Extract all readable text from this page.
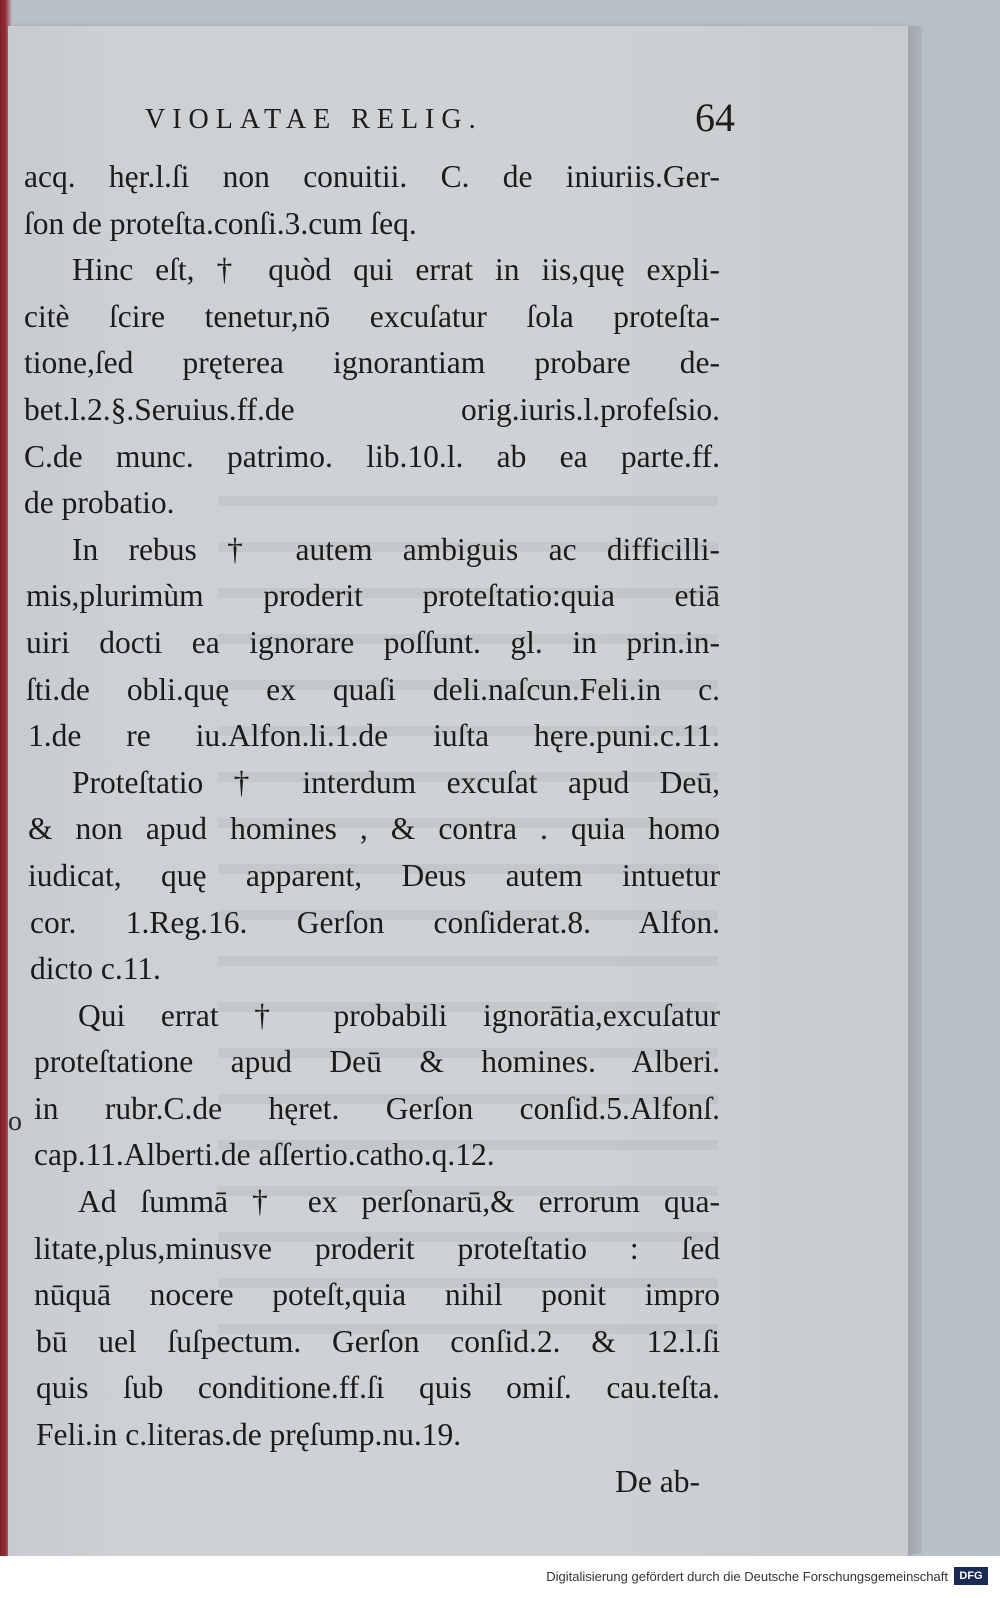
VIOLATAE RELIG.	64
o
acq. hęr.l.ſi non conuitii. C. de iniuriis.Ger-
ſon de proteſta.conſi.3.cum ſeq.
Hinc eſt, † quòd qui errat in iis,quę expli-
citè ſcire tenetur,nō excuſatur ſola proteſta-
tione,ſed pręterea ignorantiam probare de-
bet.l.2.§.Seruius.ff.de orig.iuris.l.profeſsio.
C.de munc. patrimo. lib.10.l. ab ea parte.ff.
de probatio.
In rebus † autem ambiguis ac difficilli-
mis,plurimùm proderit proteſtatio:quia etiā
uiri docti ea ignorare poſſunt. gl. in prin.in-
ſti.de obli.quę ex quaſi deli.naſcun.Feli.in c.
1.de re iu.Alfon.li.1.de iuſta hęre.puni.c.11.
Proteſtatio † interdum excuſat apud Deū,
& non apud homines , & contra . quia homo
iudicat, quę apparent, Deus autem intuetur
cor. 1.Reg.16. Gerſon conſiderat.8. Alfon.
dicto c.11.
Qui errat † probabili ignorātia,excuſatur
proteſtatione apud Deū & homines. Alberi.
in rubr.C.de hęret. Gerſon conſid.5.Alfonſ.
cap.11.Alberti.de aſſertio.catho.q.12.
Ad ſummā † ex perſonarū,& errorum qua-
litate,plus,minusve proderit proteſtatio : ſed
nūquā nocere poteſt,quia nihil ponit impro
bū uel ſuſpectum. Gerſon conſid.2. & 12.l.ſi
quis ſub conditione.ff.ſi quis omiſ. cau.teſta.
Feli.in c.literas.de pręſump.nu.19.
De ab-
Digitalisierung gefördert durch die Deutsche Forschungsgemeinschaft	DFG
